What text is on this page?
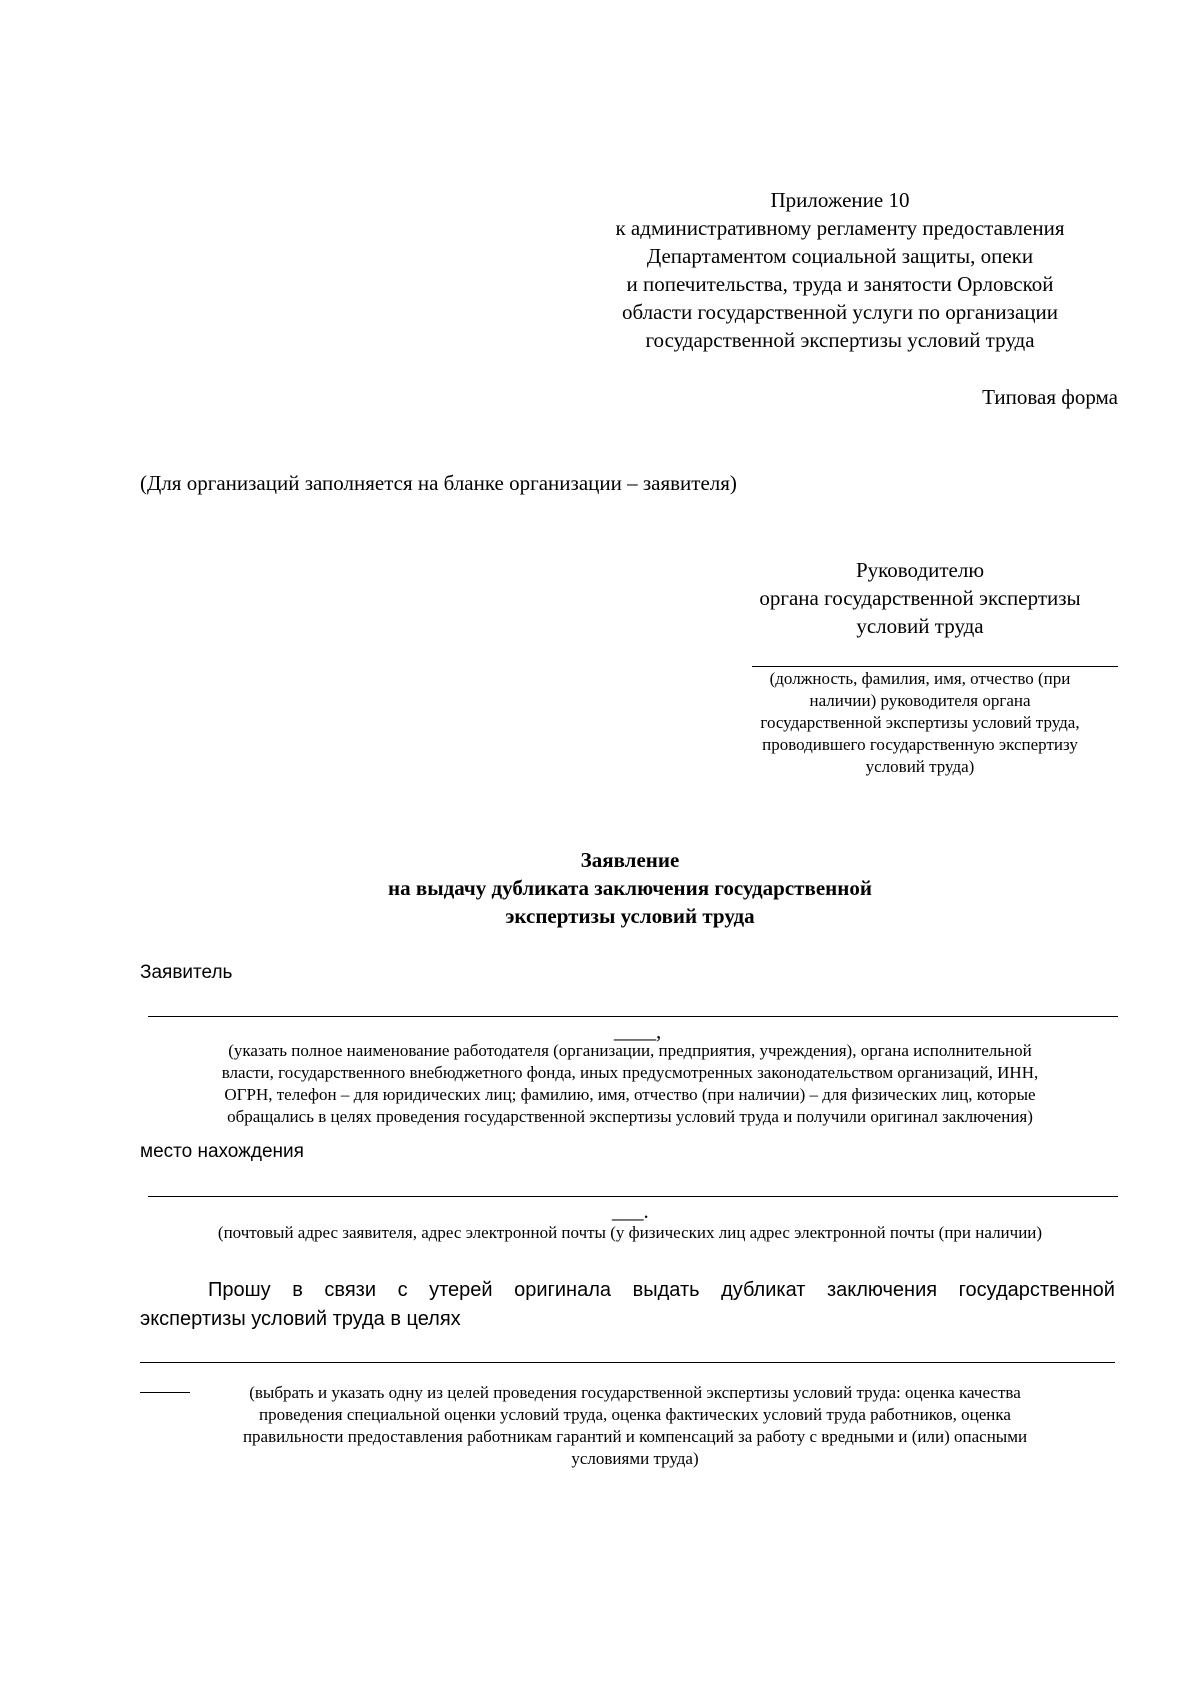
Приложение 10
к административному регламенту предоставления
Департаментом социальной защиты, опеки
и попечительства, труда и занятости Орловской
области государственной услуги по организации
государственной экспертизы условий труда
Типовая форма
(Для организаций заполняется на бланке организации – заявителя)
Руководителю
органа государственной экспертизы
условий труда
(должность, фамилия, имя, отчество (при
наличии) руководителя органа
государственной экспертизы условий труда,
проводившего государственную экспертизу
условий труда)
Заявление
на выдачу дубликата заключения государственной
экспертизы условий труда
Заявитель
____,
(указать полное наименование работодателя (организации, предприятия, учреждения), органа исполнительной
власти, государственного внебюджетного фонда, иных предусмотренных законодательством организаций, ИНН,
ОГРН, телефон – для юридических лиц; фамилию, имя, отчество (при наличии) – для физических лиц, которые
обращались в целях проведения государственной экспертизы условий труда и получили оригинал заключения)
место нахождения
___.
(почтовый адрес заявителя, адрес электронной почты (у физических лиц адрес электронной почты (при наличии)
Прошу в связи с утерей оригинала выдать дубликат заключения государственной
экспертизы условий труда в целях
(выбрать и указать одну из целей проведения государственной экспертизы условий труда: оценка качества
проведения специальной оценки условий труда, оценка фактических условий труда работников, оценка
правильности предоставления работникам гарантий и компенсаций за работу с вредными и (или) опасными
условиями труда)
